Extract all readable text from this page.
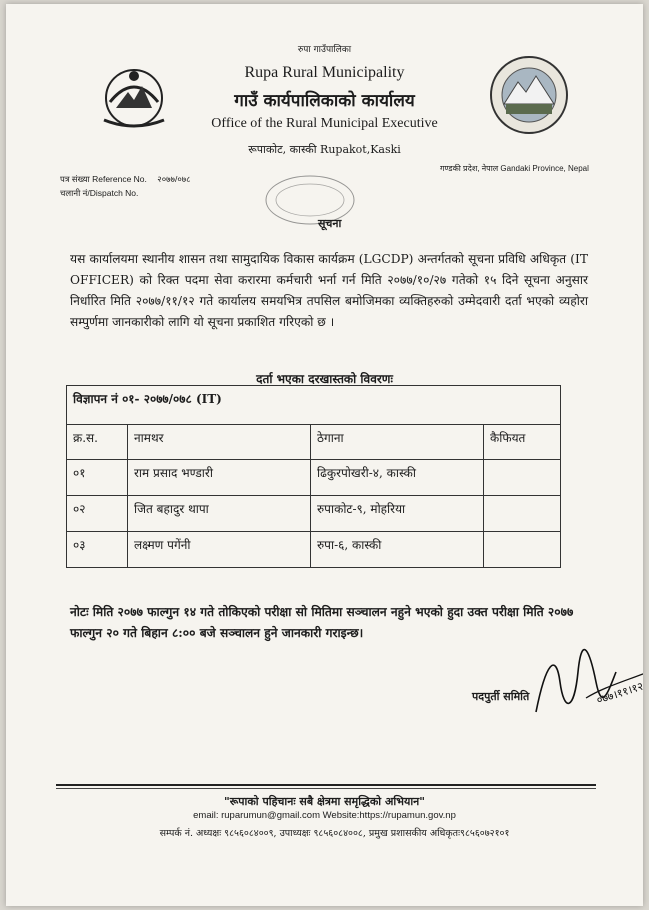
रुपा गाउँपालिका
Rupa Rural Municipality
गाउँ कार्यपालिकाको कार्यालय
Office of the Rural Municipal Executive
रूपाकोट, कास्की Rupakot,Kaski
गण्डकी प्रदेश, नेपाल Gandaki Province, Nepal
पत्र संख्या Reference No. २०७७/०७८
चलानी नं/Dispatch No.
सूचना
यस कार्यालयमा स्थानीय शासन तथा सामुदायिक विकास कार्यक्रम (LGCDP) अन्तर्गतको सूचना प्रविधि अधिकृत (IT OFFICER) को रिक्त पदमा सेवा करारमा कर्मचारी भर्ना गर्न मिति २०७७/१०/२७ गतेको १५ दिने सूचना अनुसार निर्धारित मिति २०७७/११/१२ गते कार्यालय समयभित्र तपसिल बमोजिमका व्यक्तिहरुको उम्मेदवारी दर्ता भएको व्यहोरा सम्पुर्णमा जानकारीको लागि यो सूचना प्रकाशित गरिएको छ ।
दर्ता भएका दरखास्तको विवरणः
विज्ञापन नं ०१- २०७७/०७८ (IT)			
क्र.स.	नामथर	ठेगाना	कैफियत
०१	राम प्रसाद भण्डारी	ढिकुरपोखरी-४, कास्की	
०२	जित बहादुर थापा	रुपाकोट-९, मोहरिया	
०३	लक्ष्मण पगेंनी	रुपा-६, कास्की	
नोटः मिति २०७७ फाल्गुन १४ गते तोकिएको परीक्षा सो मितिमा सञ्चालन नहुने भएको हुदा उक्त परीक्षा मिति २०७७ फाल्गुन २० गते बिहान ८:०० बजे सञ्चालन हुने जानकारी गराइन्छ।
पदपुर्ती समिति	०७७।११।१२
"रूपाको पहिचानः सबै क्षेत्रमा समृद्धिको अभियान"
email: ruparumun@gmail.com Website:https://rupamun.gov.np
सम्पर्क नं. अध्यक्षः ९८५६०८४००९, उपाध्यक्षः ९८५६०८४००८, प्रमुख प्रशासकीय अधिकृतः९८५६०७२१०१
